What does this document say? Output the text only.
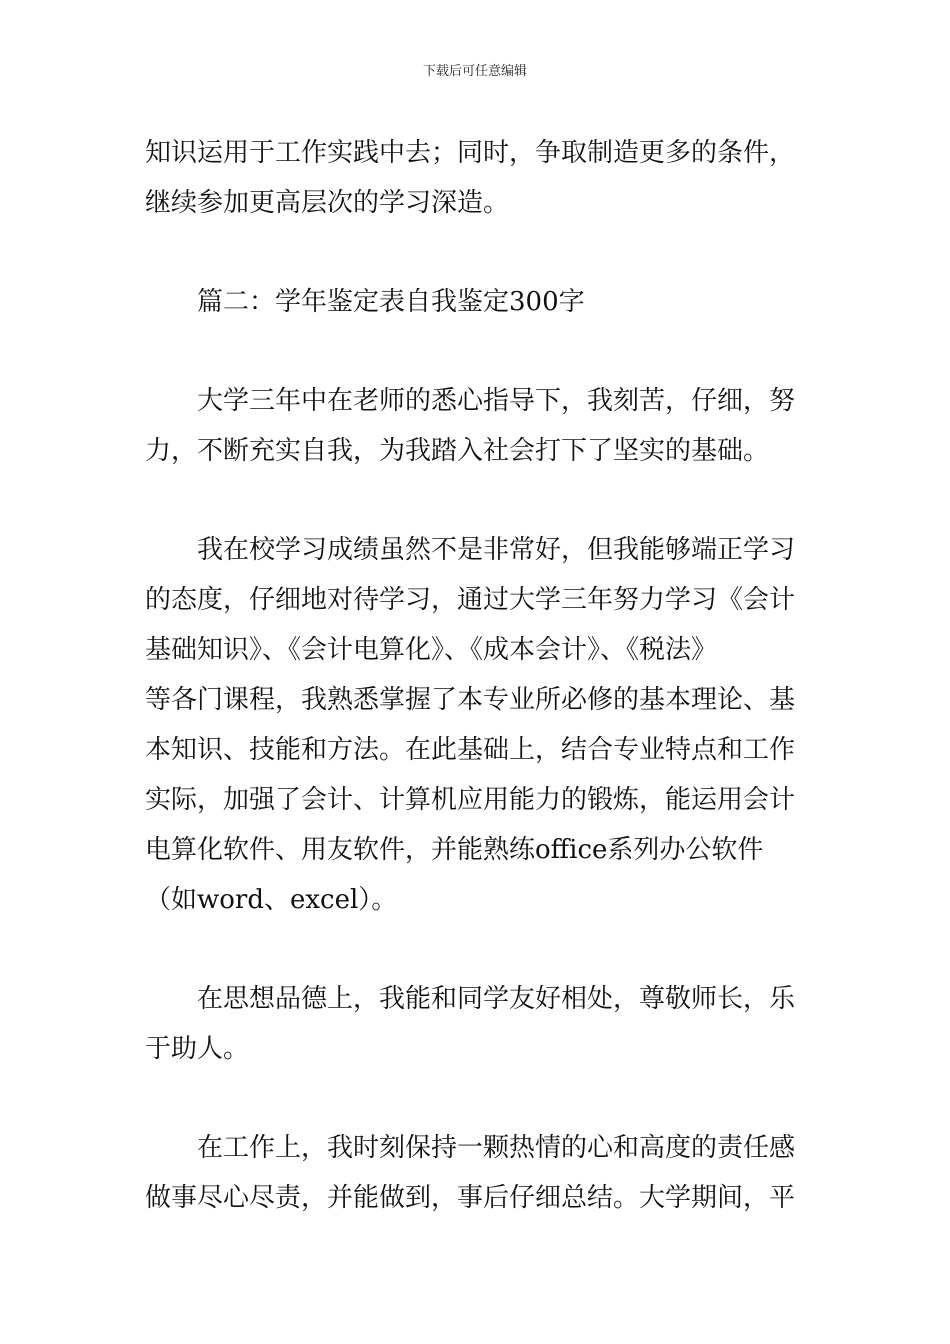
下载后可任意编辑
知识运用于工作实践中去；同时，争取制造更多的条件，
继续参加更高层次的学习深造。
　　篇二：学年鉴定表自我鉴定300字
　　大学三年中在老师的悉心指导下，我刻苦，仔细，努
力，不断充实自我，为我踏入社会打下了坚实的基础。
　　我在校学习成绩虽然不是非常好，但我能够端正学习
的态度，仔细地对待学习，通过大学三年努力学习《会计
基础知识》、《会计电算化》、《成本会计》、《税法》
等各门课程，我熟悉掌握了本专业所必修的基本理论、基
本知识、技能和方法。在此基础上，结合专业特点和工作
实际，加强了会计、计算机应用能力的锻炼，能运用会计
电算化软件、用友软件，并能熟练office系列办公软件
（如word、excel）。
　　在思想品德上，我能和同学友好相处，尊敬师长，乐
于助人。
　　在工作上，我时刻保持一颗热情的心和高度的责任感
做事尽心尽责，并能做到，事后仔细总结。大学期间，平
